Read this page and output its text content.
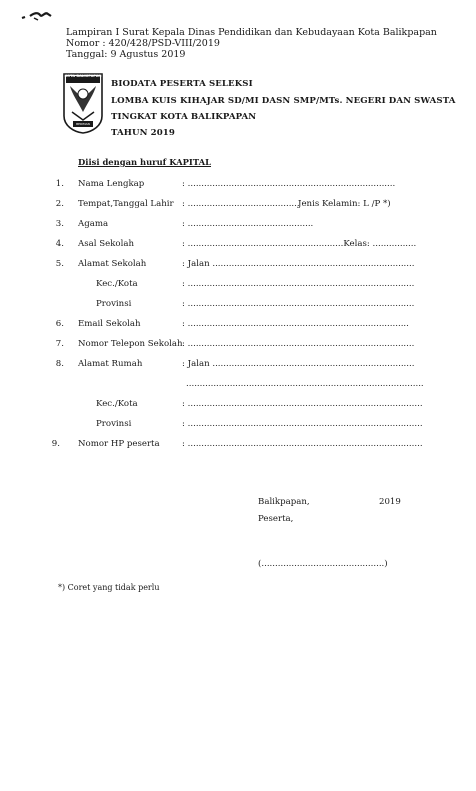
Lampiran I Surat Kepala Dinas Pendidikan dan Kebudayaan Kota Balikpapan
Nomor : 420/428/PSD-VIII/2019
Tanggal: 9 Agustus 2019
KOTA BALIKPAPAN
BERIMAN
BIODATA PESERTA SELEKSI
LOMBA KUIS KIHAJAR SD/MI DASN SMP/MTs. NEGERI DAN SWASTA
TINGKAT KOTA BALIKPAPAN
TAHUN 2019
Diisi dengan huruf KAPITAL
1. Nama Lengkap	: ............................................................................
2. Tempat,Tanggal Lahir : .........................................
Jenis Kelamin: L /P *)
3. Agama	: ..............................................
4. Asal Sekolah	: .........................................................Kelas: ................
5. Alamat Sekolah	: Jalan ..........................................................................
Kec./Kota	: ...................................................................................
Provinsi	: ...................................................................................
6. Email Sekolah	: .................................................................................
7. Nomor Telepon Sekolah : ...................................................................................
8. Alamat Rumah	: Jalan ..........................................................................
.......................................................................................
Kec./Kota	: ......................................................................................
Provinsi	: ......................................................................................
9. Nomor HP peserta	: ......................................................................................
Balikpapan,	2019
Peserta,
(.............................................)
*) Coret yang tidak perlu
